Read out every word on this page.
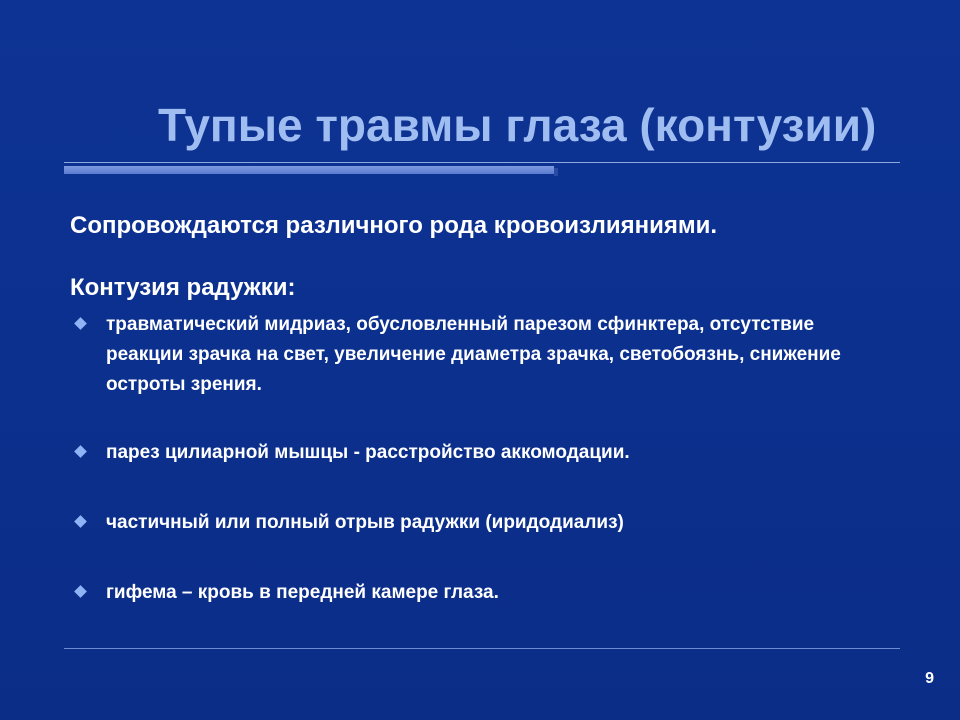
Тупые травмы глаза (контузии)
Сопровождаются различного рода кровоизлияниями.
Контузия радужки:
травматический мидриаз, обусловленный парезом сфинктера, отсутствие реакции зрачка на свет, увеличение диаметра зрачка, светобоязнь, снижение остроты зрения.
парез цилиарной мышцы - расстройство аккомодации.
частичный или полный отрыв радужки (иридодиализ)
гифема – кровь в передней камере глаза.
9
